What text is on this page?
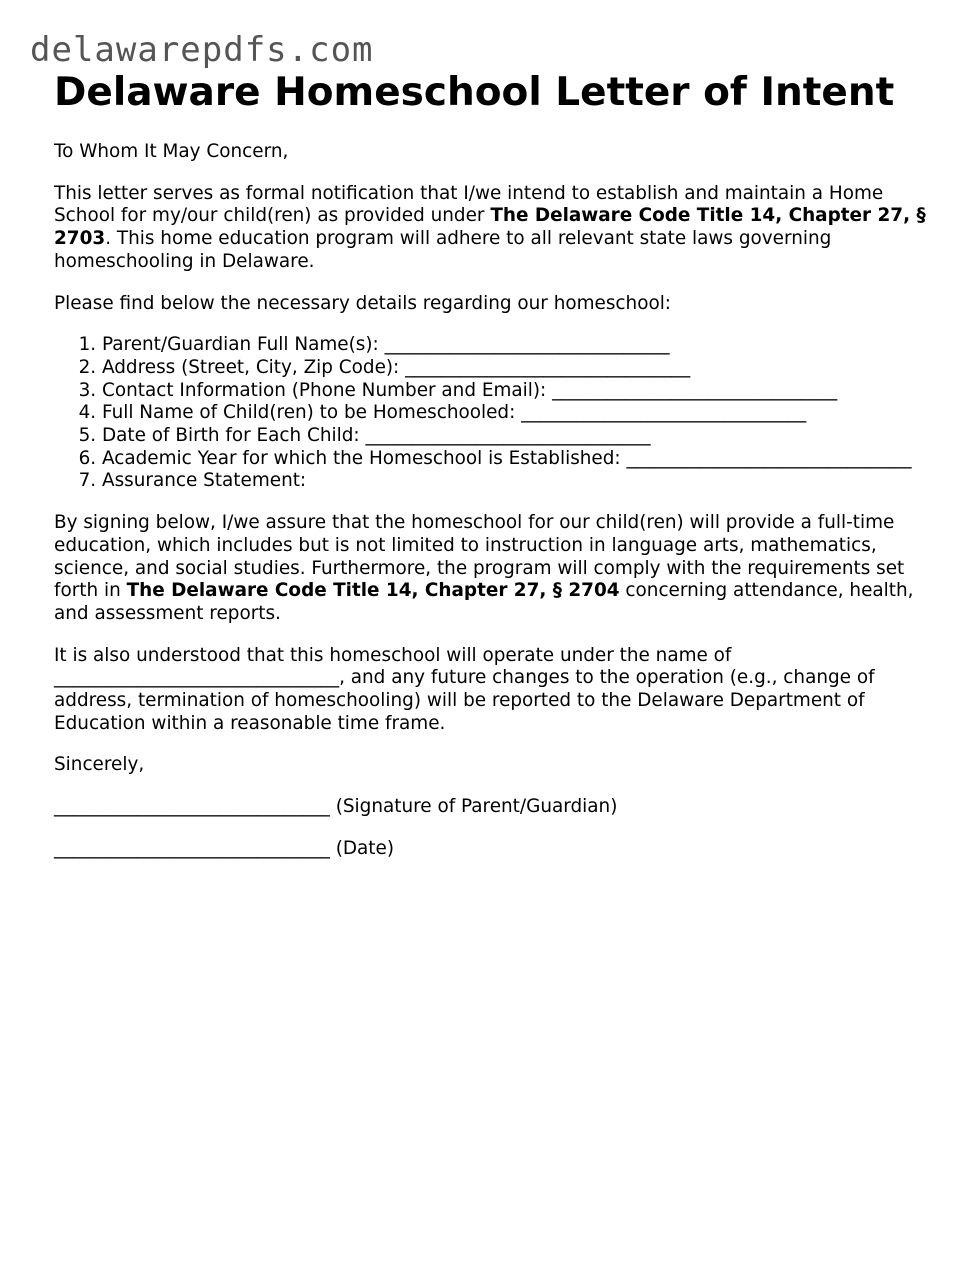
delawarepdfs.com
Delaware Homeschool Letter of Intent

To Whom It May Concern,

This letter serves as formal notification that I/we intend to establish and maintain a Home School for my/our child(ren) as provided under The Delaware Code Title 14, Chapter 27, § 2703. This home education program will adhere to all relevant state laws governing homeschooling in Delaware.

Please find below the necessary details regarding our homeschool:

1. Parent/Guardian Full Name(s): _______________________________
2. Address (Street, City, Zip Code): _______________________________
3. Contact Information (Phone Number and Email): _______________________________
4. Full Name of Child(ren) to be Homeschooled: _______________________________
5. Date of Birth for Each Child: _______________________________
6. Academic Year for which the Homeschool is Established: _______________________________
7. Assurance Statement:

By signing below, I/we assure that the homeschool for our child(ren) will provide a full-time education, which includes but is not limited to instruction in language arts, mathematics, science, and social studies. Furthermore, the program will comply with the requirements set forth in The Delaware Code Title 14, Chapter 27, § 2704 concerning attendance, health, and assessment reports.

It is also understood that this homeschool will operate under the name of _______________________________, and any future changes to the operation (e.g., change of address, termination of homeschooling) will be reported to the Delaware Department of Education within a reasonable time frame.

Sincerely,

______________________________ (Signature of Parent/Guardian)

______________________________ (Date)
